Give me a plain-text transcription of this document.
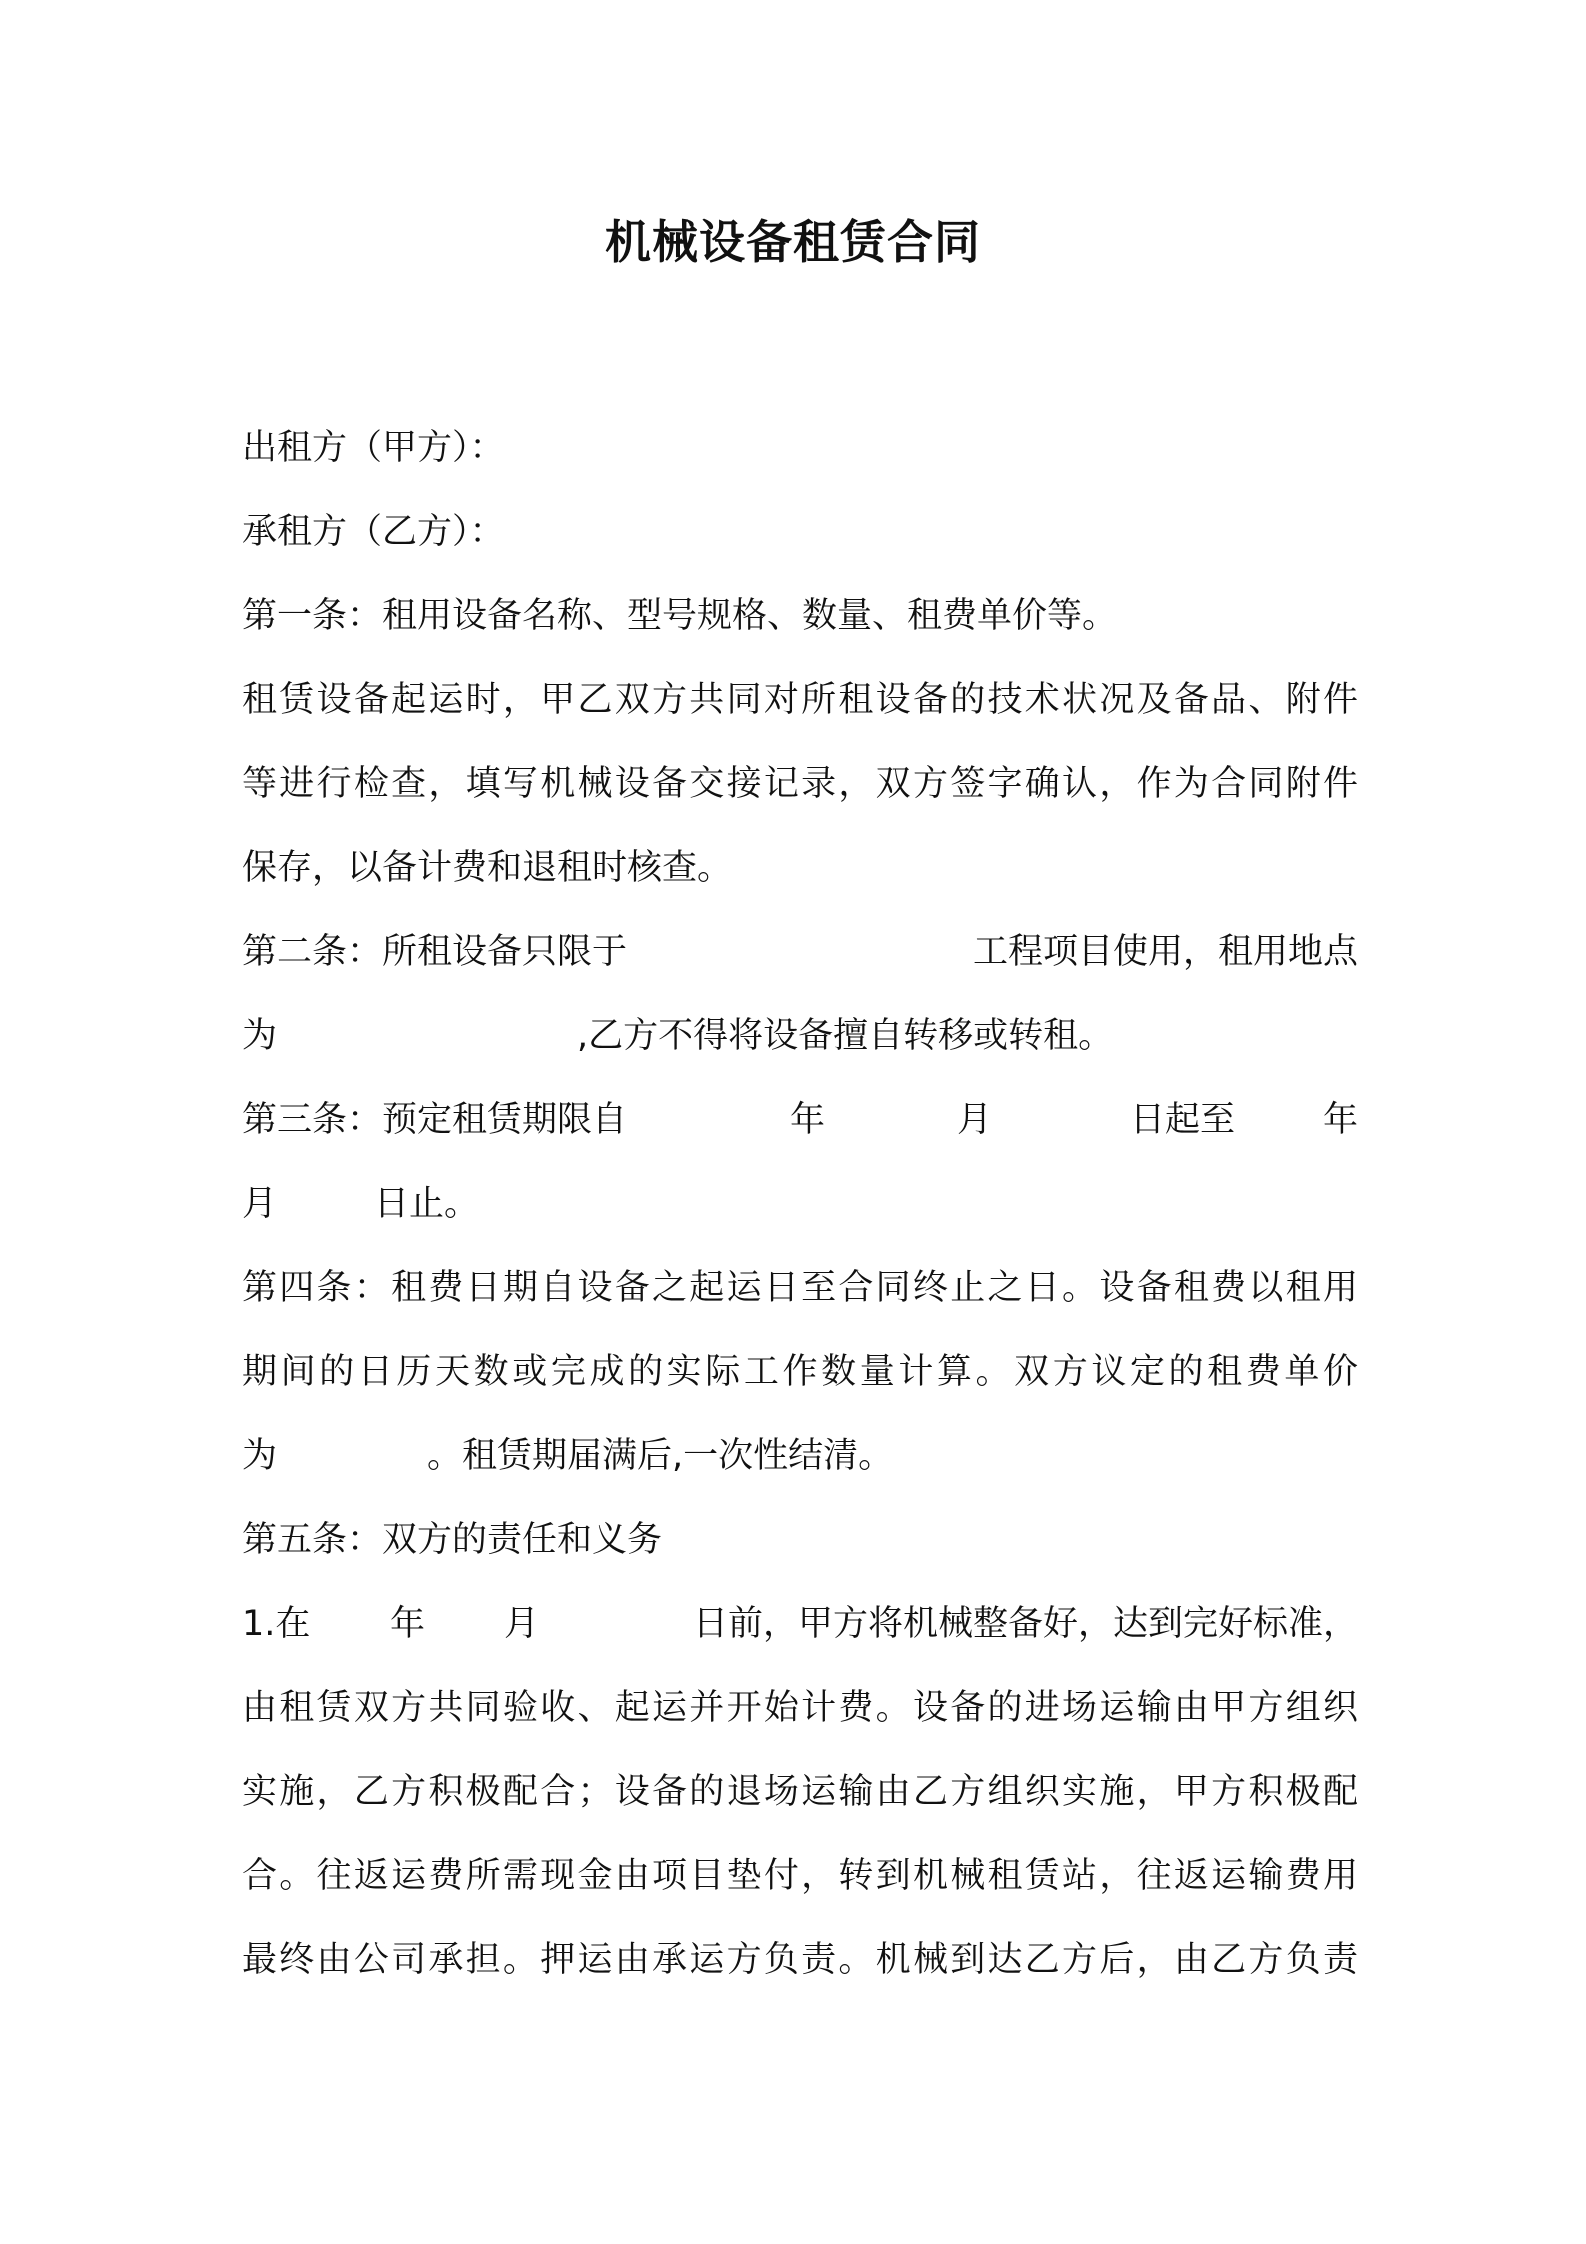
机械设备租赁合同
出租方（甲方）：
承租方（乙方）：
第一条：租用设备名称、型号规格、数量、租费单价等。
租赁设备起运时，甲乙双方共同对所租设备的技术状况及备品、附件
等进行检查，填写机械设备交接记录，双方签字确认，作为合同附件
保存，以备计费和退租时核查。
第二条：所租设备只限于	工程项目使用，租用地点
为	,乙方不得将设备擅自转移或转租。
第三条：预定租赁期限自	年	月	日起至	年
月	日止。
第四条：租费日期自设备之起运日至合同终止之日。设备租费以租用
期间的日历天数或完成的实际工作数量计算。双方议定的租费单价
为	。租赁期届满后,一次性结清。
第五条：双方的责任和义务
1.在 年 月	日前，甲方将机械整备好，达到完好标准，
由租赁双方共同验收、起运并开始计费。设备的进场运输由甲方组织
实施，乙方积极配合；设备的退场运输由乙方组织实施，甲方积极配
合。往返运费所需现金由项目垫付，转到机械租赁站，往返运输费用
最终由公司承担。押运由承运方负责。机械到达乙方后，由乙方负责
